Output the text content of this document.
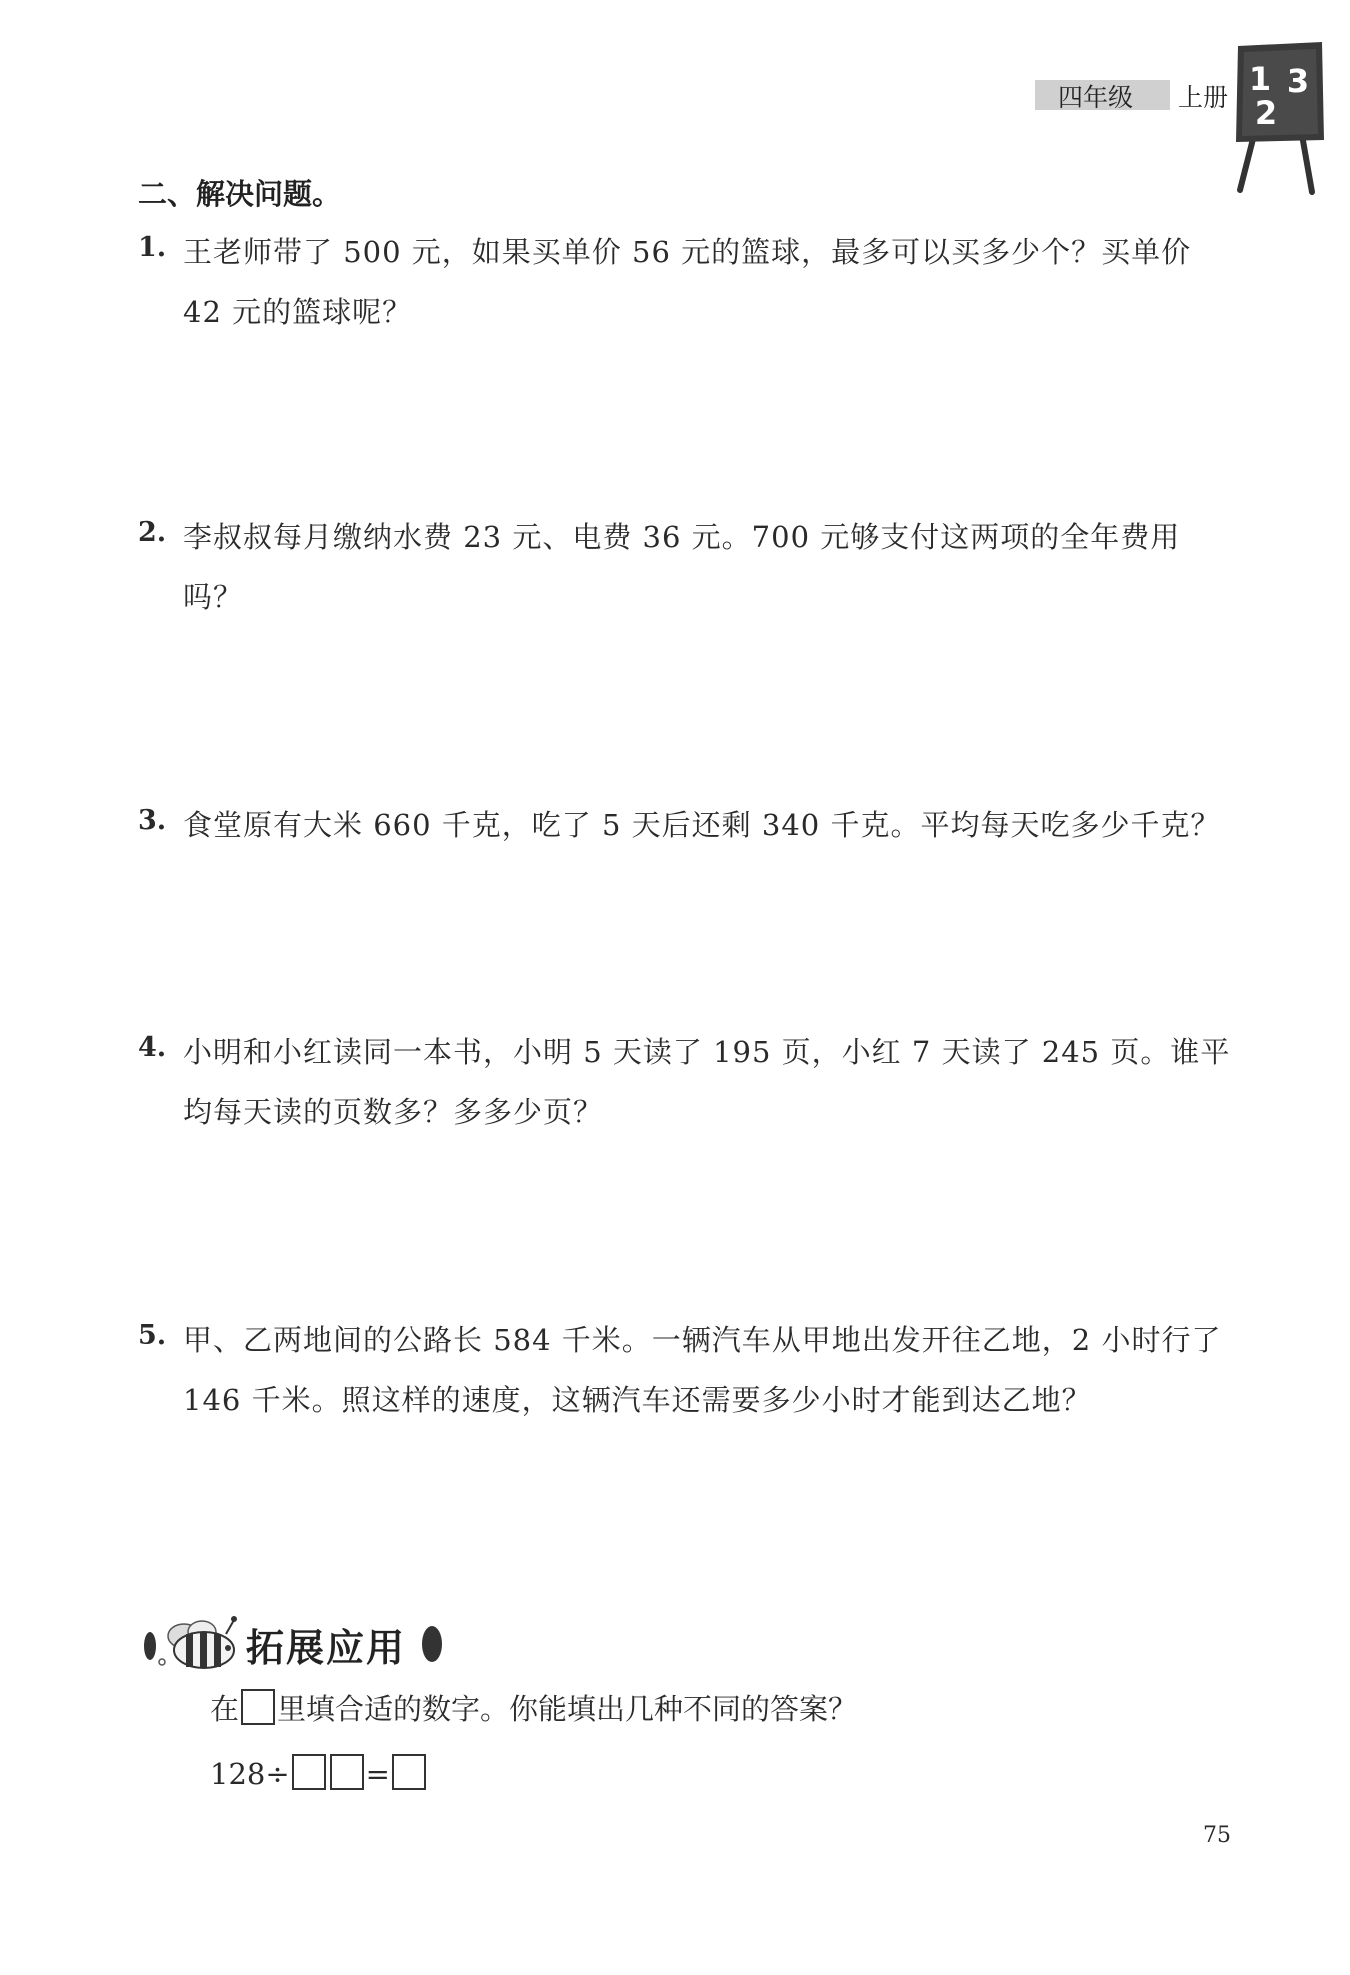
四年级 上册 1 3
2
二、解决问题。
1. 王老师带了 500 元，如果买单价 56 元的篮球，最多可以买多少个？买单价 42 元的篮球呢？
2. 李叔叔每月缴纳水费 23 元、电费 36 元。700 元够支付这两项的全年费用吗？
3. 食堂原有大米 660 千克，吃了 5 天后还剩 340 千克。平均每天吃多少千克？
4. 小明和小红读同一本书，小明 5 天读了 195 页，小红 7 天读了 245 页。谁平均每天读的页数多？多多少页？
5. 甲、乙两地间的公路长 584 千米。一辆汽车从甲地出发开往乙地，2 小时行了 146 千米。照这样的速度，这辆汽车还需要多少小时才能到达乙地？
拓展应用
在 里填合适的数字。你能填出几种不同的答案？
128÷	=
75
